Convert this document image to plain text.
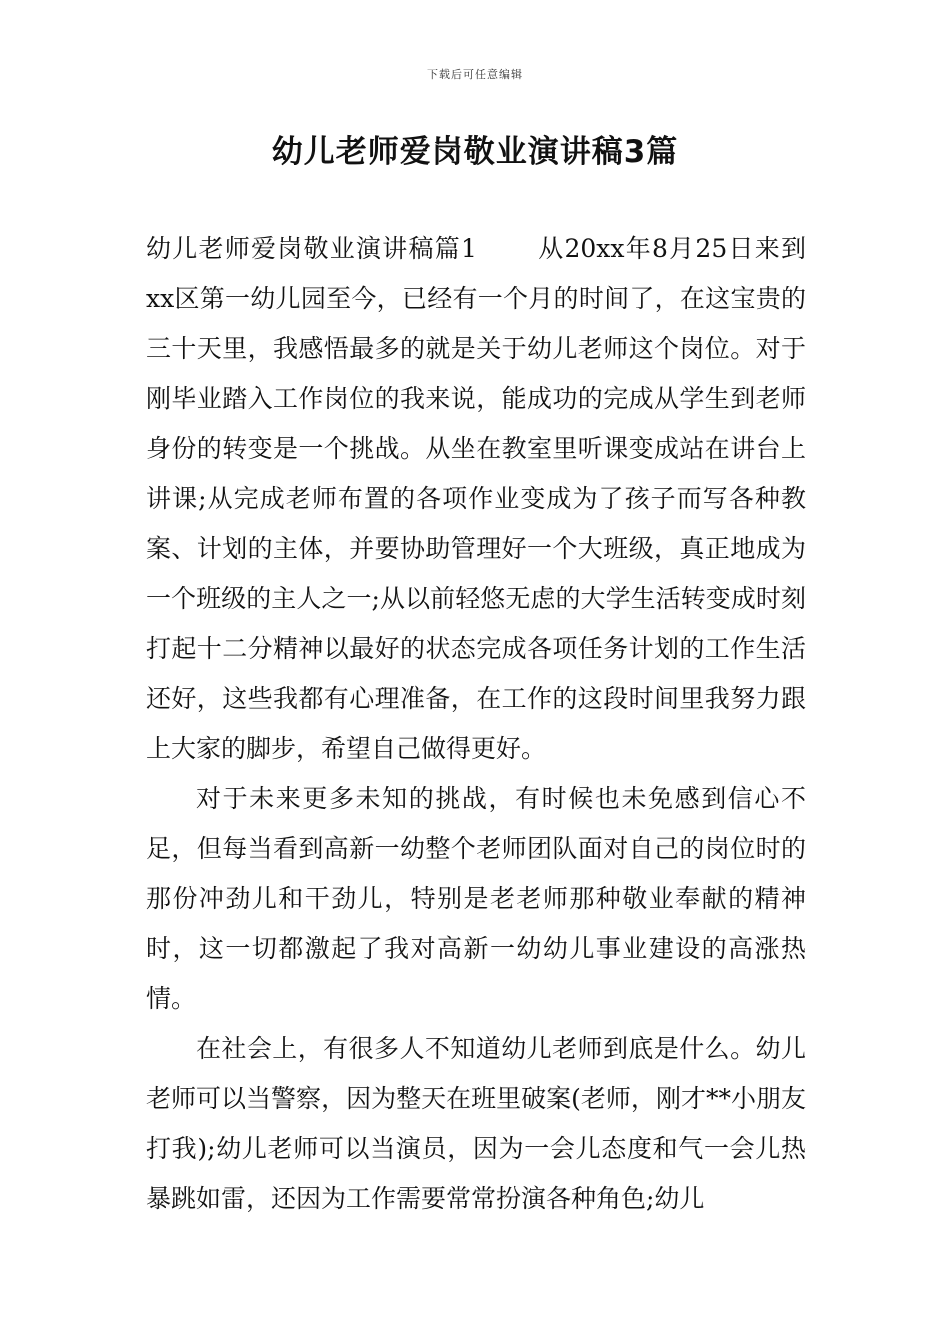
下载后可任意编辑
幼儿老师爱岗敬业演讲稿3篇

幼儿老师爱岗敬业演讲稿篇1 从20xx年8月25日来到xx区第一幼儿园至今，已经有一个月的时间了，在这宝贵的三十天里，我感悟最多的就是关于幼儿老师这个岗位。对于刚毕业踏入工作岗位的我来说，能成功的完成从学生到老师身份的转变是一个挑战。从坐在教室里听课变成站在讲台上讲课;从完成老师布置的各项作业变成为了孩子而写各种教案、计划的主体，并要协助管理好一个大班级，真正地成为一个班级的主人之一;从以前轻悠无虑的大学生活转变成时刻打起十二分精神以最好的状态完成各项任务计划的工作生活还好，这些我都有心理准备，在工作的这段时间里我努力跟上大家的脚步，希望自己做得更好。

对于未来更多未知的挑战，有时候也未免感到信心不足，但每当看到高新一幼整个老师团队面对自己的岗位时的那份冲劲儿和干劲儿，特别是老老师那种敬业奉献的精神时，这一切都激起了我对高新一幼幼儿事业建设的高涨热情。

在社会上，有很多人不知道幼儿老师到底是什么。幼儿老师可以当警察，因为整天在班里破案(老师，刚才**小朋友打我);幼儿老师可以当演员，因为一会儿态度和气一会儿热暴跳如雷，还因为工作需要常常扮演各种角色;幼儿
